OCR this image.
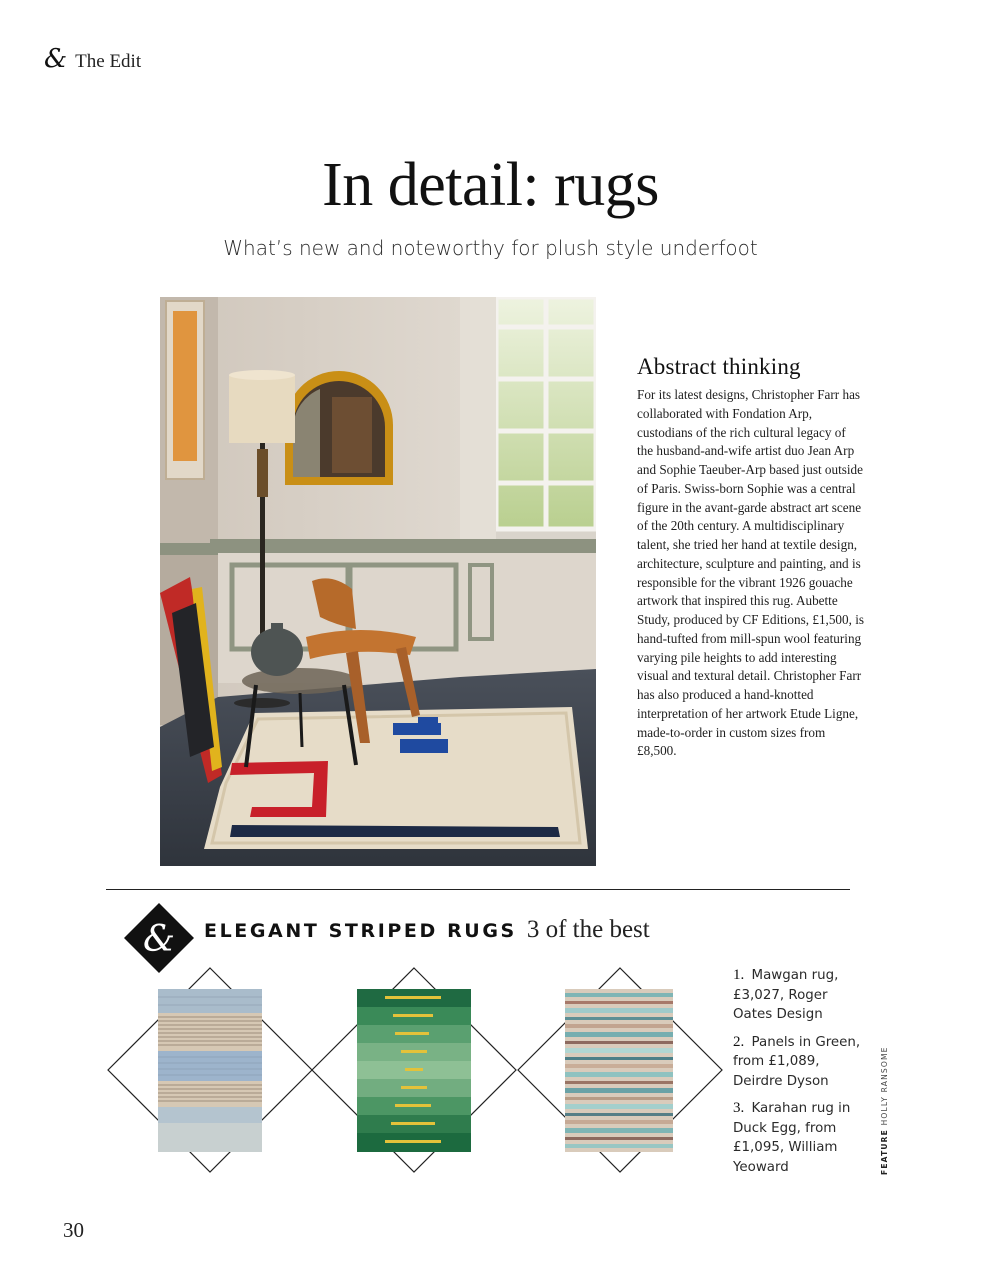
& The Edit
In detail: rugs

What’s new and noteworthy for plush style underfoot

Abstract thinking

For its latest designs, Christopher Farr has collaborated with Fondation Arp, custodians of the rich cultural legacy of the husband-and-wife artist duo Jean Arp and Sophie Taeuber-Arp based just outside of Paris. Swiss-born Sophie was a central figure in the avant-garde abstract art scene of the 20th century. A multidisciplinary talent, she tried her hand at textile design, architecture, sculpture and painting, and is responsible for the vibrant 1926 gouache artwork that inspired this rug. Aubette Study, produced by CF Editions, £1,500, is hand-tufted from mill-spun wool featuring varying pile heights to add interesting visual and textural detail. Christopher Farr has also produced a hand-knotted interpretation of her artwork Etude Ligne, made-to-order in custom sizes from £8,500.

& ELEGANT STRIPED RUGS 3 of the best

1. Mawgan rug, £3,027, Roger Oates Design

2. Panels in Green, from £1,089, Deirdre Dyson

3. Karahan rug in Duck Egg, from £1,095, William Yeoward	FEATURE HOLLY RANSOME
30
